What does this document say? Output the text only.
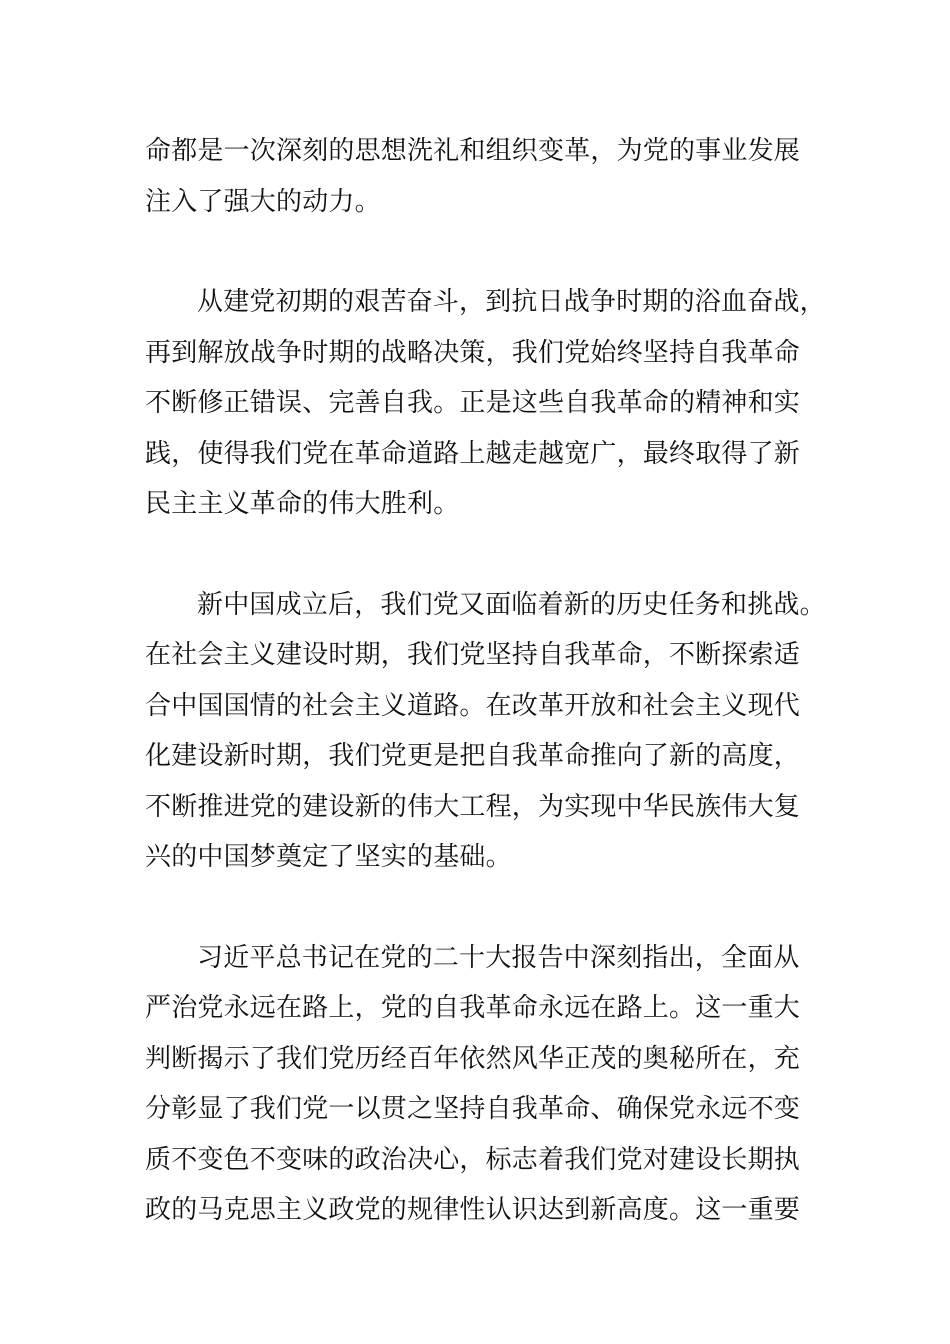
命都是一次深刻的思想洗礼和组织变革，为党的事业发展
注入了强大的动力。

从建党初期的艰苦奋斗，到抗日战争时期的浴血奋战，
再到解放战争时期的战略决策，我们党始终坚持自我革命
不断修正错误、完善自我。正是这些自我革命的精神和实
践，使得我们党在革命道路上越走越宽广，最终取得了新
民主主义革命的伟大胜利。

新中国成立后，我们党又面临着新的历史任务和挑战。
在社会主义建设时期，我们党坚持自我革命，不断探索适
合中国国情的社会主义道路。在改革开放和社会主义现代
化建设新时期，我们党更是把自我革命推向了新的高度，
不断推进党的建设新的伟大工程，为实现中华民族伟大复
兴的中国梦奠定了坚实的基础。

习近平总书记在党的二十大报告中深刻指出，全面从
严治党永远在路上，党的自我革命永远在路上。这一重大
判断揭示了我们党历经百年依然风华正茂的奥秘所在，充
分彰显了我们党一以贯之坚持自我革命、确保党永远不变
质不变色不变味的政治决心，标志着我们党对建设长期执
政的马克思主义政党的规律性认识达到新高度。这一重要
